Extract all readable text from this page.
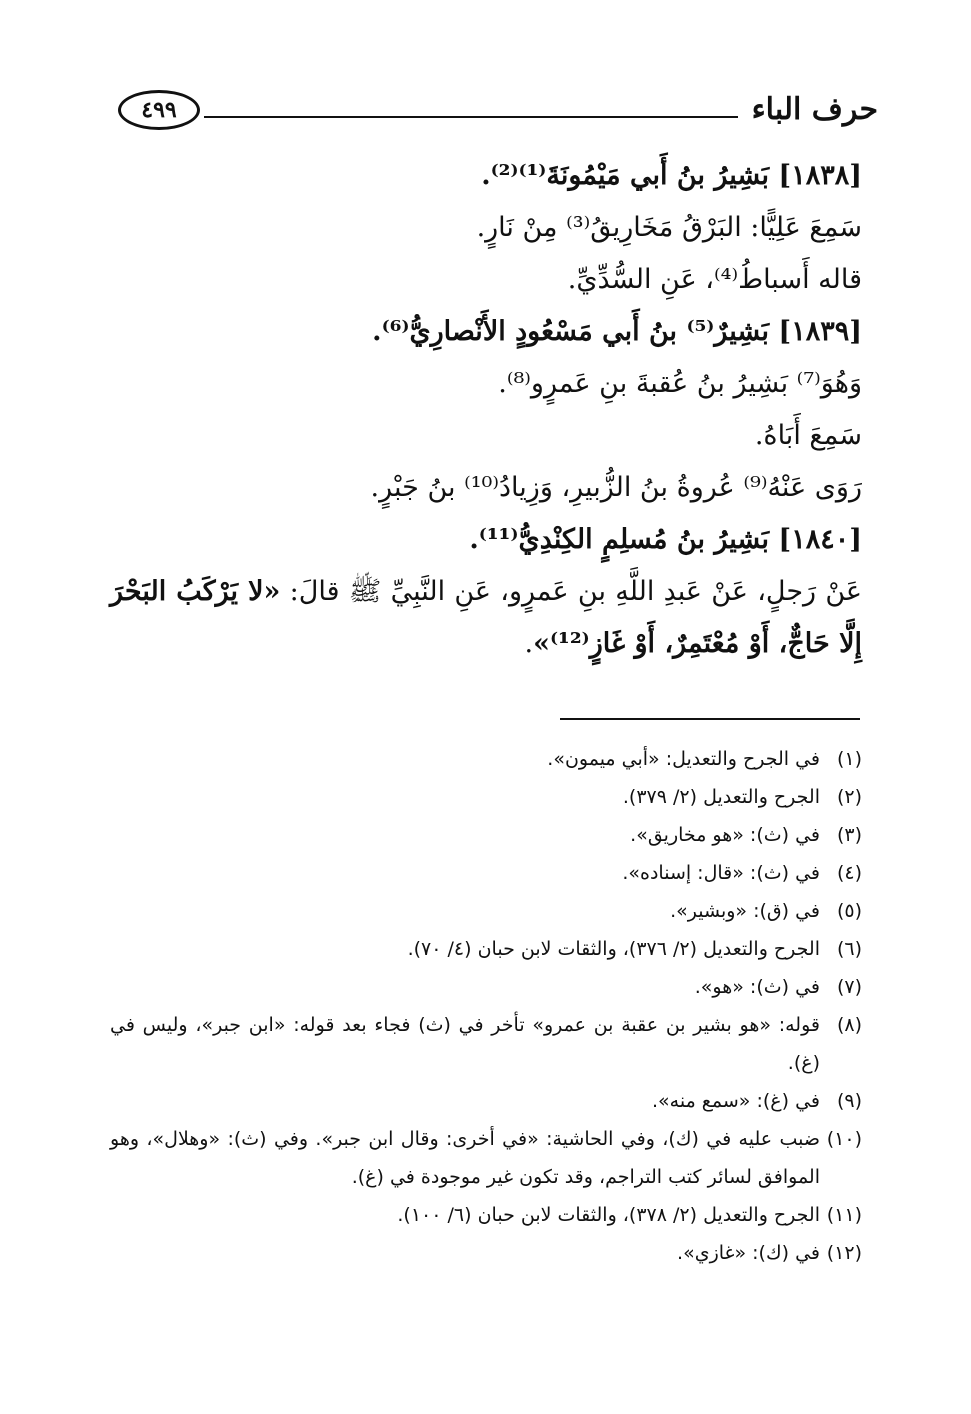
٤٩٩	حرف الباء

[١٨٣٨] بَشِيرُ بنُ أَبي مَيْمُونَةَ⁽¹⁾⁽²⁾.

سَمِعَ عَلِيًّا: البَرْقُ مَخَارِيقُ⁽³⁾ مِنْ نَارٍ.

قاله أَسباطُ⁽⁴⁾، عَنِ السُّدِّيِّ.

[١٨٣٩] بَشِيرٌ⁽⁵⁾ بنُ أَبي مَسْعُودٍ الأَنْصارِيُّ⁽⁶⁾.

وَهُوَ⁽⁷⁾ بَشِيرُ بنُ عُقبةَ بنِ عَمرٍو⁽⁸⁾.

سَمِعَ أَبَاهُ.

رَوَى عَنْهُ⁽⁹⁾ عُروةُ بنُ الزُّبيرِ، وَزِيادُ⁽¹⁰⁾ بنُ جَبْرٍ.

[١٨٤٠] بَشِيرُ بنُ مُسلِمٍ الكِنْدِيُّ⁽¹¹⁾.

عَنْ رَجلٍ، عَنْ عَبدِ اللَّهِ بنِ عَمرٍو، عَنِ النَّبِيِّ ﷺ قالَ: «لا يَرْكَبُ البَحْرَ إِلَّا حَاجٌّ، أَوْ مُعْتَمِرٌ، أَوْ غَازٍ⁽¹²⁾».

(١)
في الجرح والتعديل: «أبي ميمون».
(٢)
الجرح والتعديل (٢/ ٣٧٩).
(٣)
في (ث): «هو مخاريق».
(٤)
في (ث): «قال: إسناده».
(٥)
في (ق): «وبشير».
(٦)
الجرح والتعديل (٢/ ٣٧٦)، والثقات لابن حبان (٤/ ٧٠).
(٧)
في (ث): «هو».
(٨)
قوله: «هو بشير بن عقبة بن عمرو» تأخر في (ث) فجاء بعد قوله: «ابن جبر»، وليس في (غ).
(٩)
في (غ): «سمع منه».
(١٠)
ضبب عليه في (ك)، وفي الحاشية: «في أخرى: وقال ابن جبر». وفي (ث): «وهلال»، وهو الموافق لسائر كتب التراجم، وقد تكون غير موجودة في (غ).
(١١)
الجرح والتعديل (٢/ ٣٧٨)، والثقات لابن حبان (٦/ ١٠٠).
(١٢)
في (ك): «غازي».
